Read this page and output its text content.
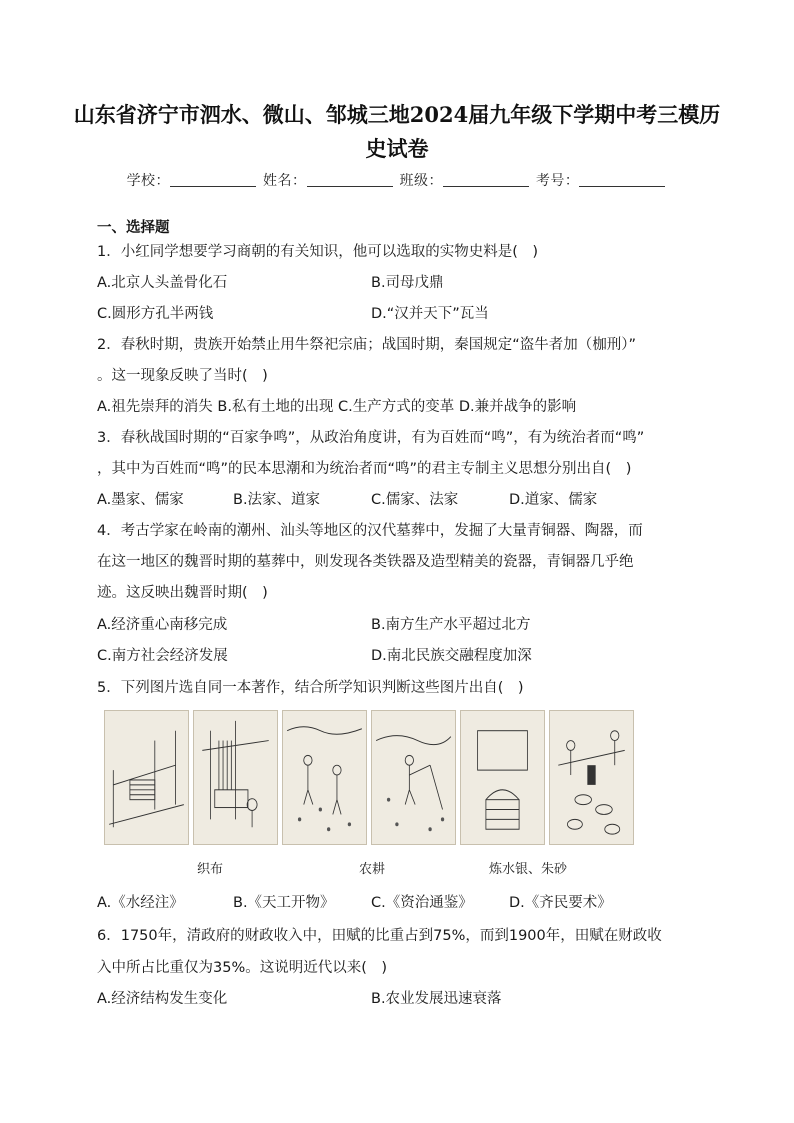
山东省济宁市泗水、微山、邹城三地2024届九年级下学期中考三模历
史试卷
学校：	姓名：	班级：	考号：
一、选择题
1．小红同学想要学习商朝的有关知识，他可以选取的实物史料是(　)
A.北京人头盖骨化石	B.司母戊鼎
C.圆形方孔半两钱	D.“汉并天下”瓦当
2．春秋时期，贵族开始禁止用牛祭祀宗庙；战国时期，秦国规定“盗牛者加（枷刑）”
。这一现象反映了当时(　)
A.祖先崇拜的消失 B.私有土地的出现 C.生产方式的变革 D.兼并战争的影响
3．春秋战国时期的“百家争鸣”，从政治角度讲，有为百姓而“鸣”，有为统治者而“鸣”
，其中为百姓而“鸣”的民本思潮和为统治者而“鸣”的君主专制主义思想分别出自(　)
A.墨家、儒家	B.法家、道家	C.儒家、法家	D.道家、儒家
4．考古学家在岭南的潮州、汕头等地区的汉代墓葬中，发掘了大量青铜器、陶器，而
在这一地区的魏晋时期的墓葬中，则发现各类铁器及造型精美的瓷器，青铜器几乎绝
迹。这反映出魏晋时期(　)
A.经济重心南移完成	B.南方生产水平超过北方
C.南方社会经济发展	D.南北民族交融程度加深
5．下列图片选自同一本著作，结合所学知识判断这些图片出自(　)
织布	农耕	炼水银、朱砂
A.《水经注》	B.《天工开物》	C.《资治通鉴》	D.《齐民要术》
6．1750年，清政府的财政收入中，田赋的比重占到75%，而到1900年，田赋在财政收
入中所占比重仅为35%。这说明近代以来(　)
A.经济结构发生变化	B.农业发展迅速衰落
